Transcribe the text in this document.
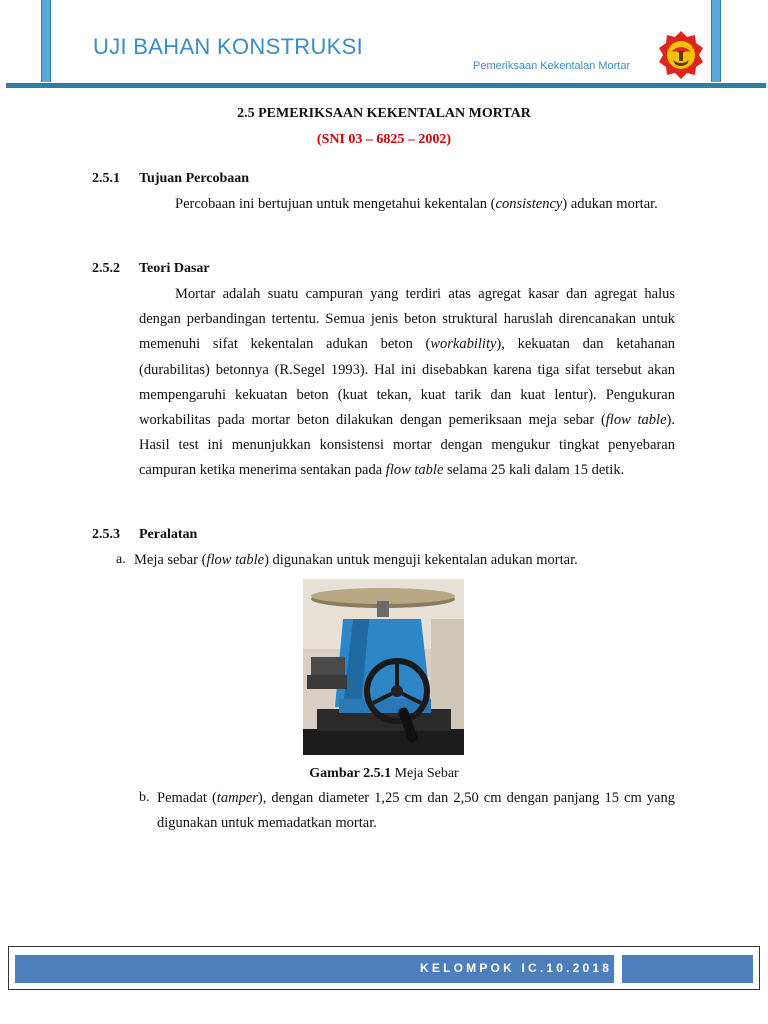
UJI BAHAN KONSTRUKSI
Pemeriksaan Kekentalan Mortar
2.5 PEMERIKSAAN KEKENTALAN MORTAR
(SNI 03 – 6825 – 2002)
2.5.1 Tujuan Percobaan
Percobaan ini bertujuan untuk mengetahui kekentalan (consistency) adukan mortar.
2.5.2 Teori Dasar
Mortar adalah suatu campuran yang terdiri atas agregat kasar dan agregat halus dengan perbandingan tertentu. Semua jenis beton struktural haruslah direncanakan untuk memenuhi sifat kekentalan adukan beton (workability), kekuatan dan ketahanan (durabilitas) betonnya (R.Segel 1993). Hal ini disebabkan karena tiga sifat tersebut akan mempengaruhi kekuatan beton (kuat tekan, kuat tarik dan kuat lentur). Pengukuran workabilitas pada mortar beton dilakukan dengan pemeriksaan meja sebar (flow table). Hasil test ini menunjukkan konsistensi mortar dengan mengukur tingkat penyebaran campuran ketika menerima sentakan pada flow table selama 25 kali dalam 15 detik.
2.5.3 Peralatan
a. Meja sebar (flow table) digunakan untuk menguji kekentalan adukan mortar.
Gambar 2.5.1 Meja Sebar
b. Pemadat (tamper), dengan diameter 1,25 cm dan 2,50 cm dengan panjang 15 cm yang digunakan untuk memadatkan mortar.
KELOMPOK IC.10.2018
